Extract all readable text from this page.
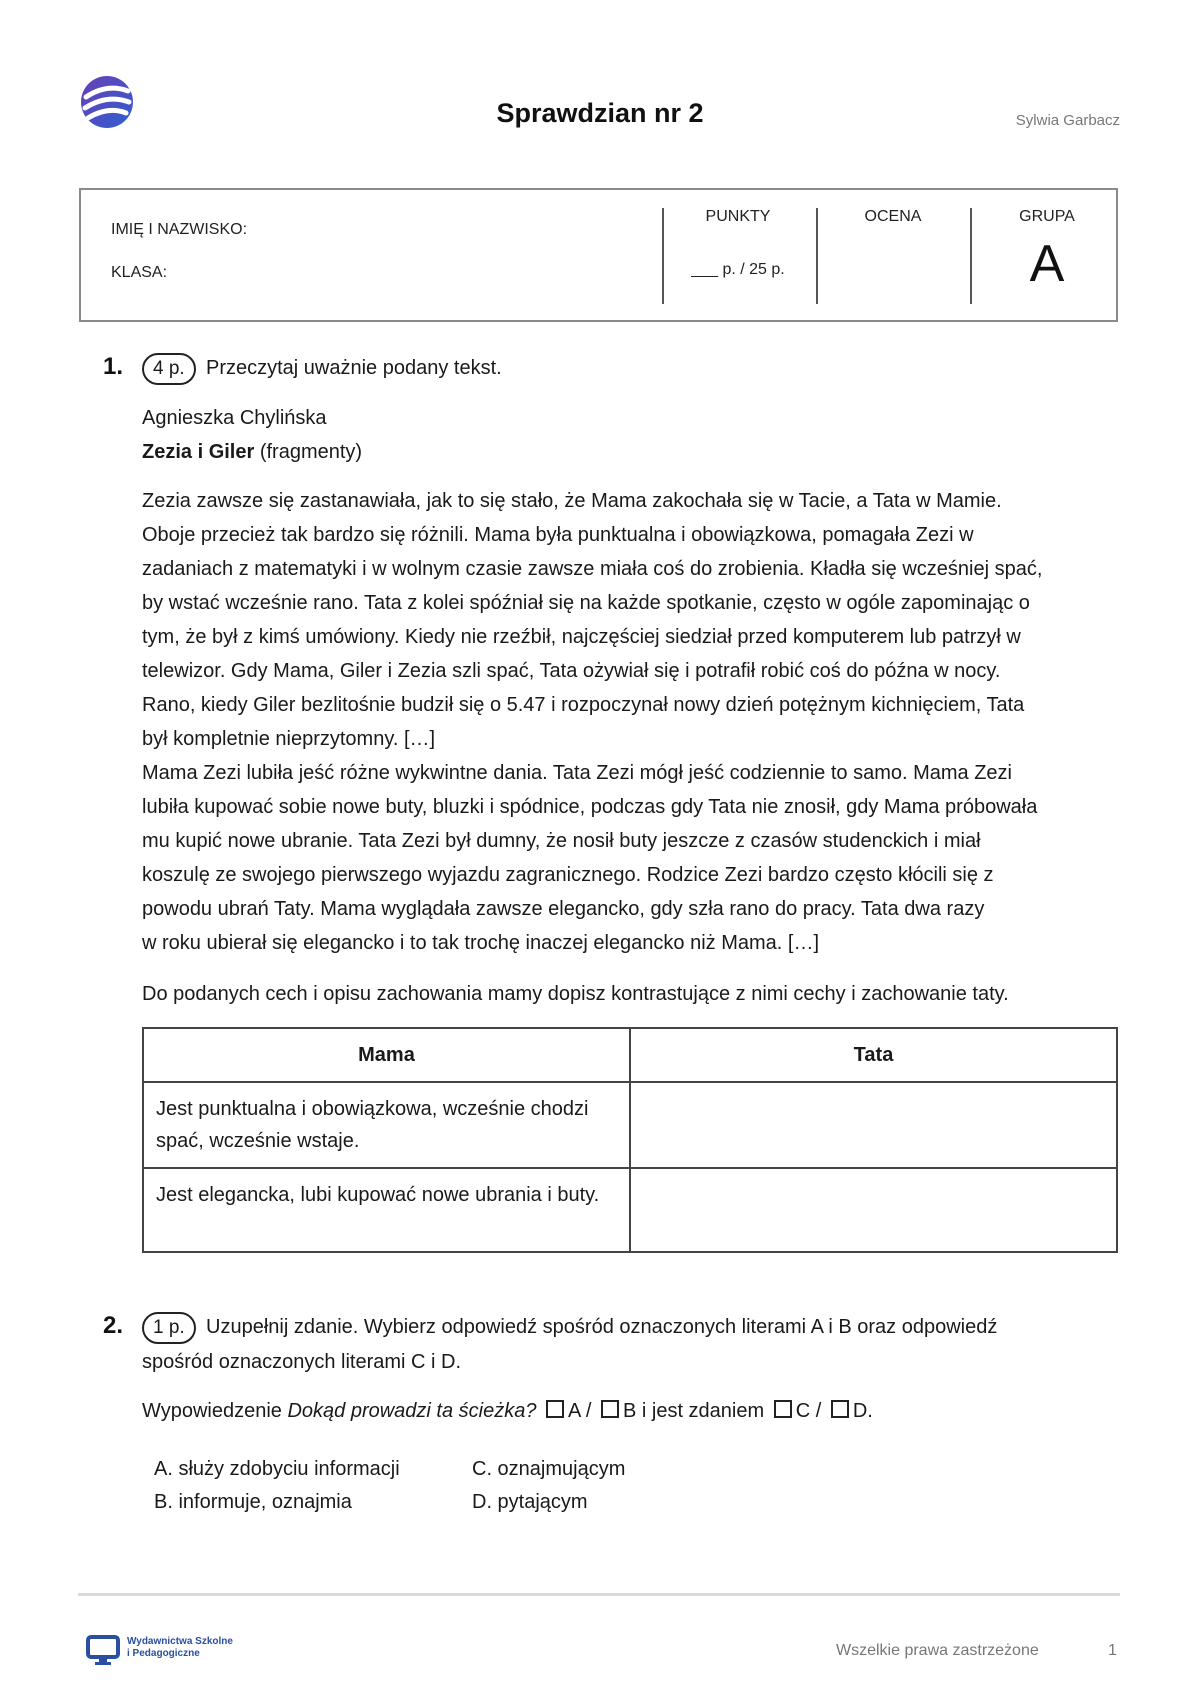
Sprawdzian nr 2	Sylwia Garbacz
IMIĘ I NAZWISKO:
KLASA:
PUNKTY
___ p. / 25 p.
OCENA	GRUPA
A
1.	4 p.	Przeczytaj uważnie podany tekst.
Agnieszka Chylińska
Zezia i Giler (fragmenty)
Zezia zawsze się zastanawiała, jak to się stało, że Mama zakochała się w Tacie, a Tata w Mamie.
Oboje przecież tak bardzo się różnili. Mama była punktualna i obowiązkowa, pomagała Zezi w
zadaniach z matematyki i w wolnym czasie zawsze miała coś do zrobienia. Kładła się wcześniej spać,
by wstać wcześnie rano. Tata z kolei spóźniał się na każde spotkanie, często w ogóle zapominając o
tym, że był z kimś umówiony. Kiedy nie rzeźbił, najczęściej siedział przed komputerem lub patrzył w
telewizor. Gdy Mama, Giler i Zezia szli spać, Tata ożywiał się i potrafił robić coś do późna w nocy.
Rano, kiedy Giler bezlitośnie budził się o 5.47 i rozpoczynał nowy dzień potężnym kichnięciem, Tata
był kompletnie nieprzytomny. […]
Mama Zezi lubiła jeść różne wykwintne dania. Tata Zezi mógł jeść codziennie to samo. Mama Zezi
lubiła kupować sobie nowe buty, bluzki i spódnice, podczas gdy Tata nie znosił, gdy Mama próbowała
mu kupić nowe ubranie. Tata Zezi był dumny, że nosił buty jeszcze z czasów studenckich i miał
koszulę ze swojego pierwszego wyjazdu zagranicznego. Rodzice Zezi bardzo często kłócili się z
powodu ubrań Taty. Mama wyglądała zawsze elegancko, gdy szła rano do pracy. Tata dwa razy
w roku ubierał się elegancko i to tak trochę inaczej elegancko niż Mama. […]
Do podanych cech i opisu zachowania mamy dopisz kontrastujące z nimi cechy i zachowanie taty.
Mama	Tata
Jest punktualna i obowiązkowa, wcześnie chodzi spać, wcześnie wstaje.	
Jest elegancka, lubi kupować nowe ubrania i buty.	
2.	1 p.	Uzupełnij zdanie. Wybierz odpowiedź spośród oznaczonych literami A i B oraz odpowiedź
spośród oznaczonych literami C i D.
Wypowiedzenie Dokąd prowadzi ta ścieżka? A / B i jest zdaniem C / D.
A. służy zdobyciu informacji
B. informuje, oznajmia
C. oznajmującym
D. pytającym
Wydawnictwa Szkolne
i Pedagogiczne	Wszelkie prawa zastrzeżone	1
